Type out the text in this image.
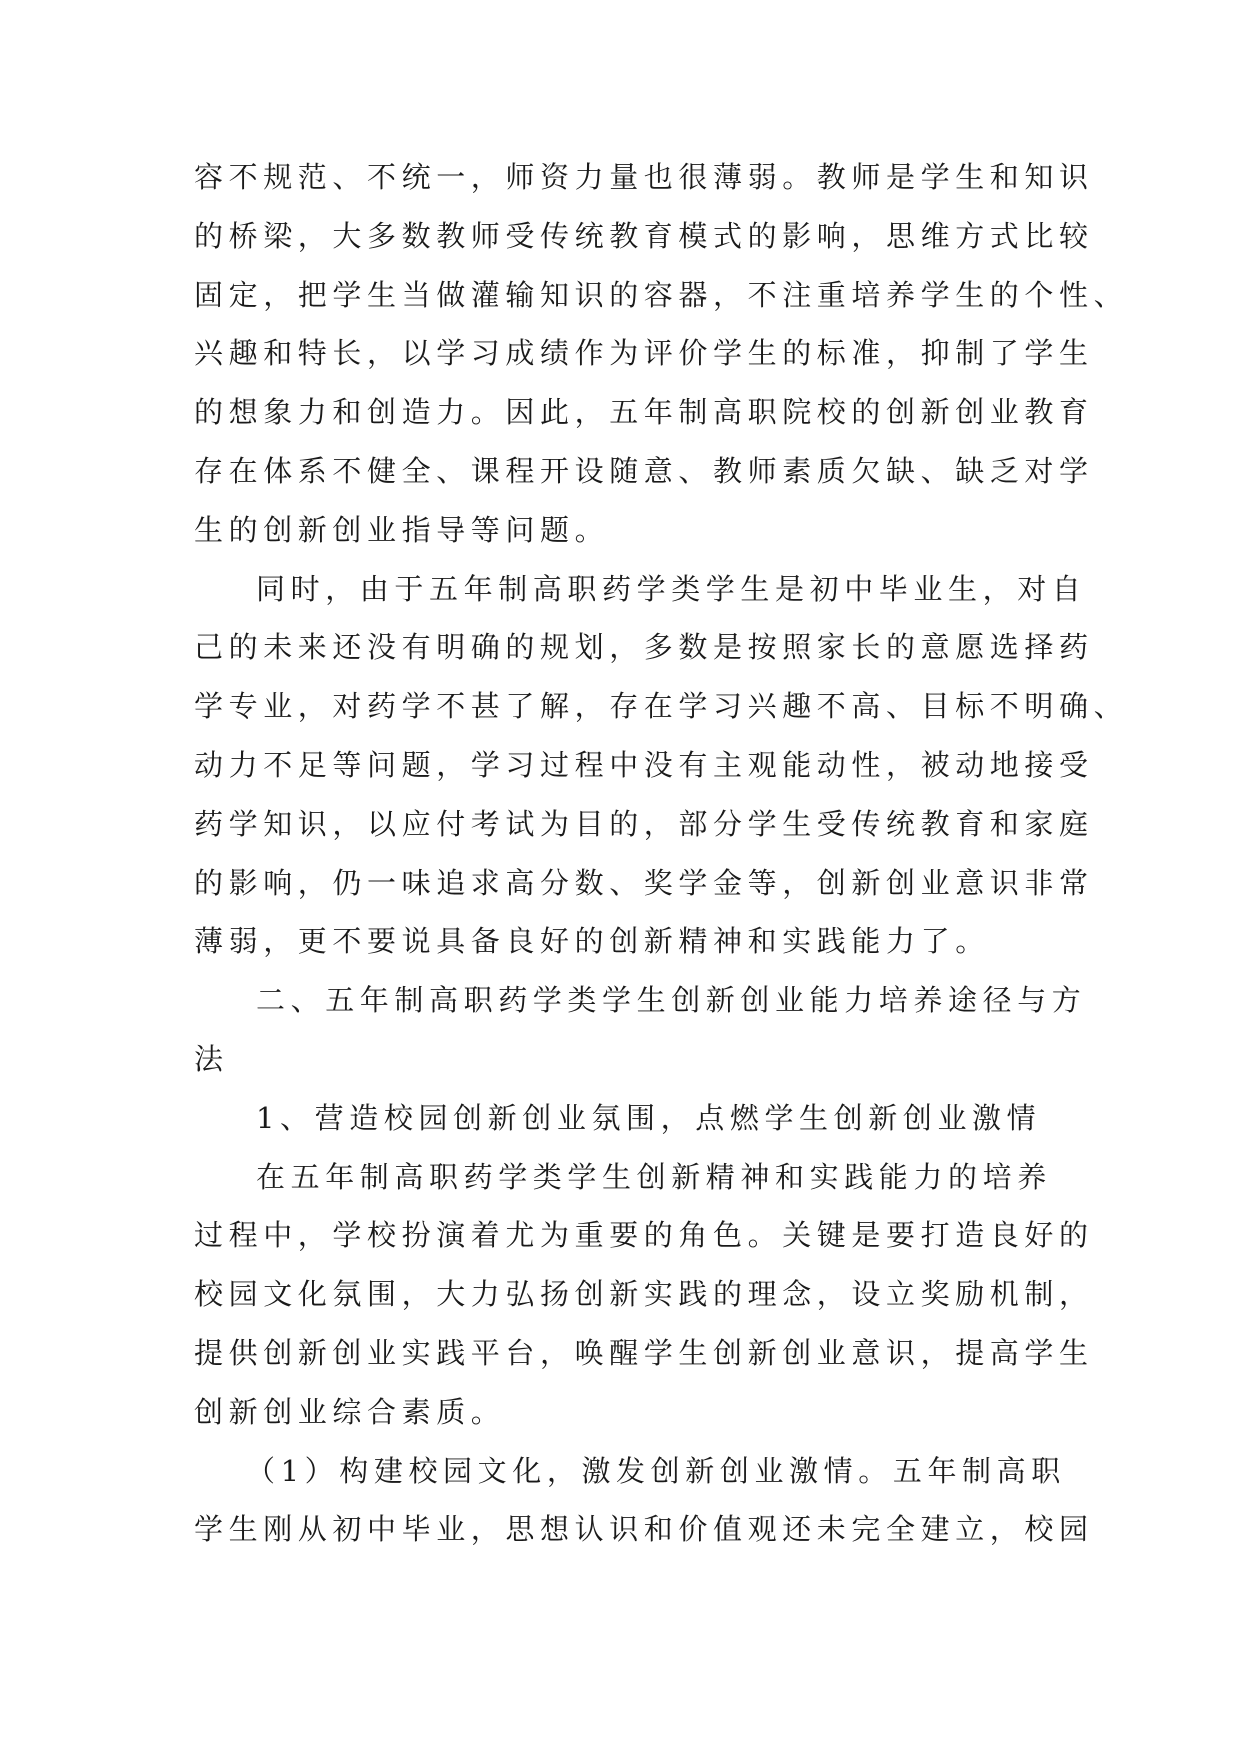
容不规范、不统一，师资力量也很薄弱。教师是学生和知识
的桥梁，大多数教师受传统教育模式的影响，思维方式比较
固定，把学生当做灌输知识的容器，不注重培养学生的个性、
兴趣和特长，以学习成绩作为评价学生的标准，抑制了学生
的想象力和创造力。因此，五年制高职院校的创新创业教育
存在体系不健全、课程开设随意、教师素质欠缺、缺乏对学
生的创新创业指导等问题。
同时，由于五年制高职药学类学生是初中毕业生，对自
己的未来还没有明确的规划，多数是按照家长的意愿选择药
学专业，对药学不甚了解，存在学习兴趣不高、目标不明确、
动力不足等问题，学习过程中没有主观能动性，被动地接受
药学知识，以应付考试为目的，部分学生受传统教育和家庭
的影响，仍一味追求高分数、奖学金等，创新创业意识非常
薄弱，更不要说具备良好的创新精神和实践能力了。
二、五年制高职药学类学生创新创业能力培养途径与方
法
1、营造校园创新创业氛围，点燃学生创新创业激情
在五年制高职药学类学生创新精神和实践能力的培养
过程中，学校扮演着尤为重要的角色。关键是要打造良好的
校园文化氛围，大力弘扬创新实践的理念，设立奖励机制，
提供创新创业实践平台，唤醒学生创新创业意识，提高学生
创新创业综合素质。
（1）构建校园文化，激发创新创业激情。五年制高职
学生刚从初中毕业，思想认识和价值观还未完全建立，校园
